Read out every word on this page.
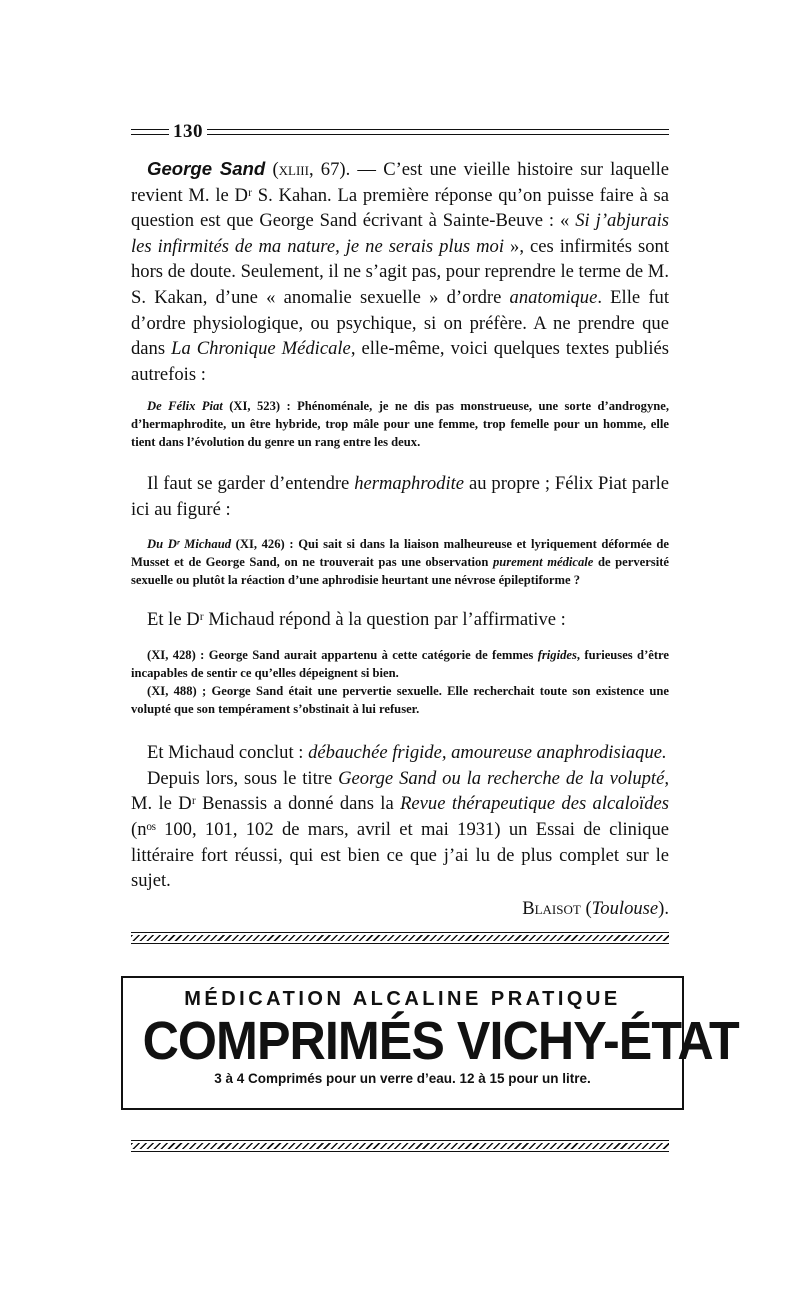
130

George Sand (xliii, 67). — C’est une vieille histoire sur laquelle revient M. le Dʳ S. Kahan. La première réponse qu’on puisse faire à sa question est que George Sand écrivant à Sainte-Beuve : « Si j’abjurais les infirmités de ma nature, je ne serais plus moi », ces infirmités sont hors de doute. Seulement, il ne s’agit pas, pour reprendre le terme de M. S. Kakan, d’une « anomalie sexuelle » d’ordre anatomique. Elle fut d’ordre physiologique, ou psychique, si on préfère. A ne prendre que dans La Chronique Médicale, elle-même, voici quelques textes publiés autrefois :

De Félix Piat (XI, 523) : Phénoménale, je ne dis pas monstrueuse, une sorte d’androgyne, d’hermaphrodite, un être hybride, trop mâle pour une femme, trop femelle pour un homme, elle tient dans l’évolution du genre un rang entre les deux.

Il faut se garder d’entendre hermaphrodite au propre ; Félix Piat parle ici au figuré :

Du Dʳ Michaud (XI, 426) : Qui sait si dans la liaison malheureuse et lyriquement déformée de Musset et de George Sand, on ne trouverait pas une observation purement médicale de perversité sexuelle ou plutôt la réaction d’une aphrodisie heurtant une névrose épileptiforme ?

Et le Dʳ Michaud répond à la question par l’affirmative :

(XI, 428) : George Sand aurait appartenu à cette catégorie de femmes frigides, furieuses d’être incapables de sentir ce qu’elles dépeignent si bien.

(XI, 488) ; George Sand était une pervertie sexuelle. Elle recherchait toute son existence une volupté que son tempérament s’obstinait à lui refuser.

Et Michaud conclut : débauchée frigide, amoureuse anaphrodisiaque.

Depuis lors, sous le titre George Sand ou la recherche de la volupté, M. le Dʳ Benassis a donné dans la Revue thérapeutique des alcaloïdes (nᵒˢ 100, 101, 102 de mars, avril et mai 1931) un Essai de clinique littéraire fort réussi, qui est bien ce que j’ai lu de plus complet sur le sujet.

Blaisot (Toulouse).
MÉDICATION ALCALINE PRATIQUE
COMPRIMÉS VICHY-ÉTAT
3 à 4 Comprimés pour un verre d’eau. 12 à 15 pour un litre.
